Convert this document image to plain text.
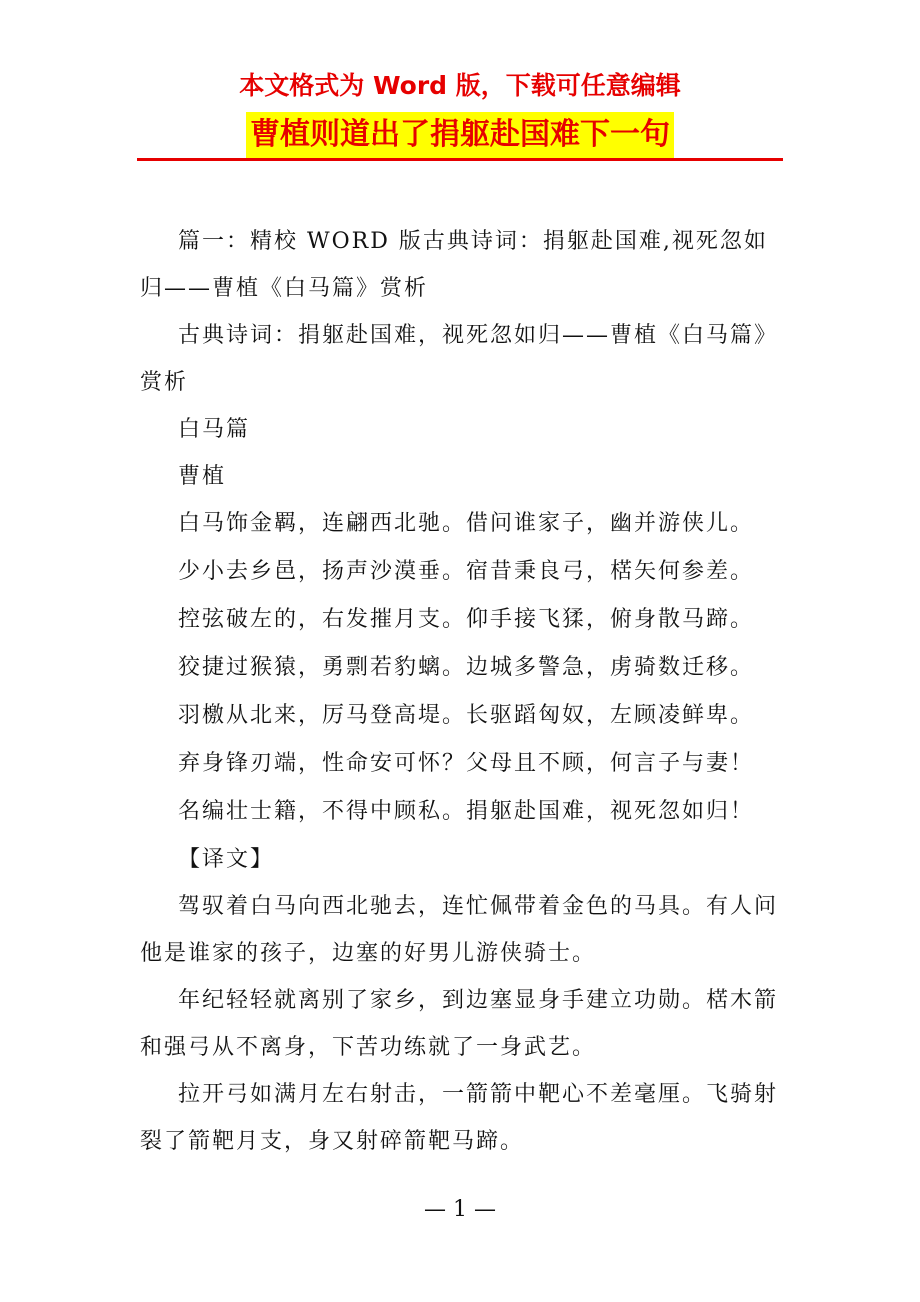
本文格式为 Word 版，下载可任意编辑
曹植则道出了捐躯赴国难下一句

篇一：精校 WORD 版古典诗词：捐躯赴国难,视死忽如归——曹植《白马篇》赏析

古典诗词：捐躯赴国难，视死忽如归——曹植《白马篇》赏析

白马篇

曹植

白马饰金羁，连翩西北驰。借问谁家子，幽并游侠儿。

少小去乡邑，扬声沙漠垂。宿昔秉良弓，楛矢何参差。

控弦破左的，右发摧月支。仰手接飞猱，俯身散马蹄。

狡捷过猴猿，勇剽若豹螭。边城多警急，虏骑数迁移。

羽檄从北来，厉马登高堤。长驱蹈匈奴，左顾凌鲜卑。

弃身锋刃端，性命安可怀？父母且不顾，何言子与妻！

名编壮士籍，不得中顾私。捐躯赴国难，视死忽如归！

【译文】

驾驭着白马向西北驰去，连忙佩带着金色的马具。有人问他是谁家的孩子，边塞的好男儿游侠骑士。

年纪轻轻就离别了家乡，到边塞显身手建立功勋。楛木箭和强弓从不离身，下苦功练就了一身武艺。

拉开弓如满月左右射击，一箭箭中靶心不差毫厘。飞骑射裂了箭靶月支，身又射碎箭靶马蹄。

— 1 —
